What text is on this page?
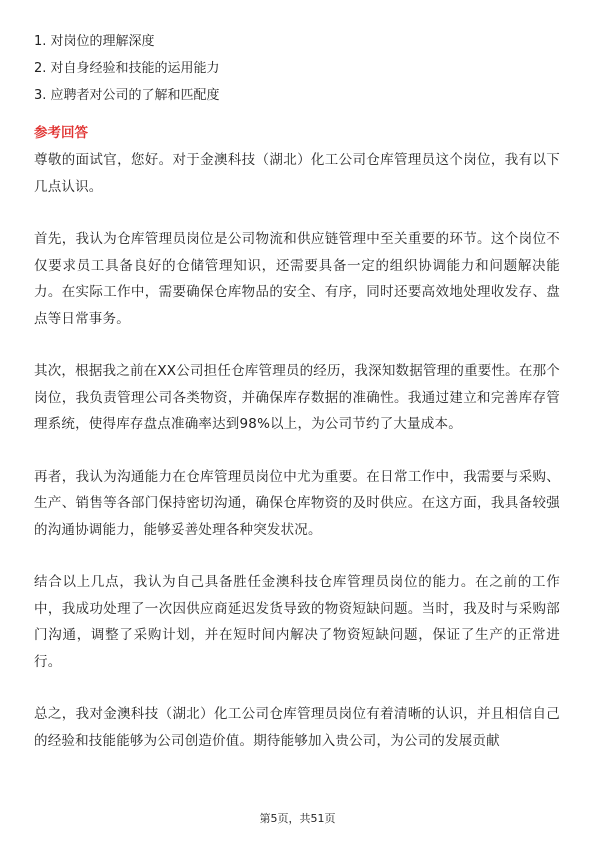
1. 对岗位的理解深度
2. 对自身经验和技能的运用能力
3. 应聘者对公司的了解和匹配度
参考回答

尊敬的面试官，您好。对于金澳科技（湖北）化工公司仓库管理员这个岗位，我有以下几点认识。

首先，我认为仓库管理员岗位是公司物流和供应链管理中至关重要的环节。这个岗位不仅要求员工具备良好的仓储管理知识，还需要具备一定的组织协调能力和问题解决能力。在实际工作中，需要确保仓库物品的安全、有序，同时还要高效地处理收发存、盘点等日常事务。

其次，根据我之前在XX公司担任仓库管理员的经历，我深知数据管理的重要性。在那个岗位，我负责管理公司各类物资，并确保库存数据的准确性。我通过建立和完善库存管理系统，使得库存盘点准确率达到98%以上，为公司节约了大量成本。

再者，我认为沟通能力在仓库管理员岗位中尤为重要。在日常工作中，我需要与采购、生产、销售等各部门保持密切沟通，确保仓库物资的及时供应。在这方面，我具备较强的沟通协调能力，能够妥善处理各种突发状况。

结合以上几点，我认为自己具备胜任金澳科技仓库管理员岗位的能力。在之前的工作中，我成功处理了一次因供应商延迟发货导致的物资短缺问题。当时，我及时与采购部门沟通，调整了采购计划，并在短时间内解决了物资短缺问题，保证了生产的正常进行。

总之，我对金澳科技（湖北）化工公司仓库管理员岗位有着清晰的认识，并且相信自己的经验和技能能够为公司创造价值。期待能够加入贵公司，为公司的发展贡献

第5页，共51页
